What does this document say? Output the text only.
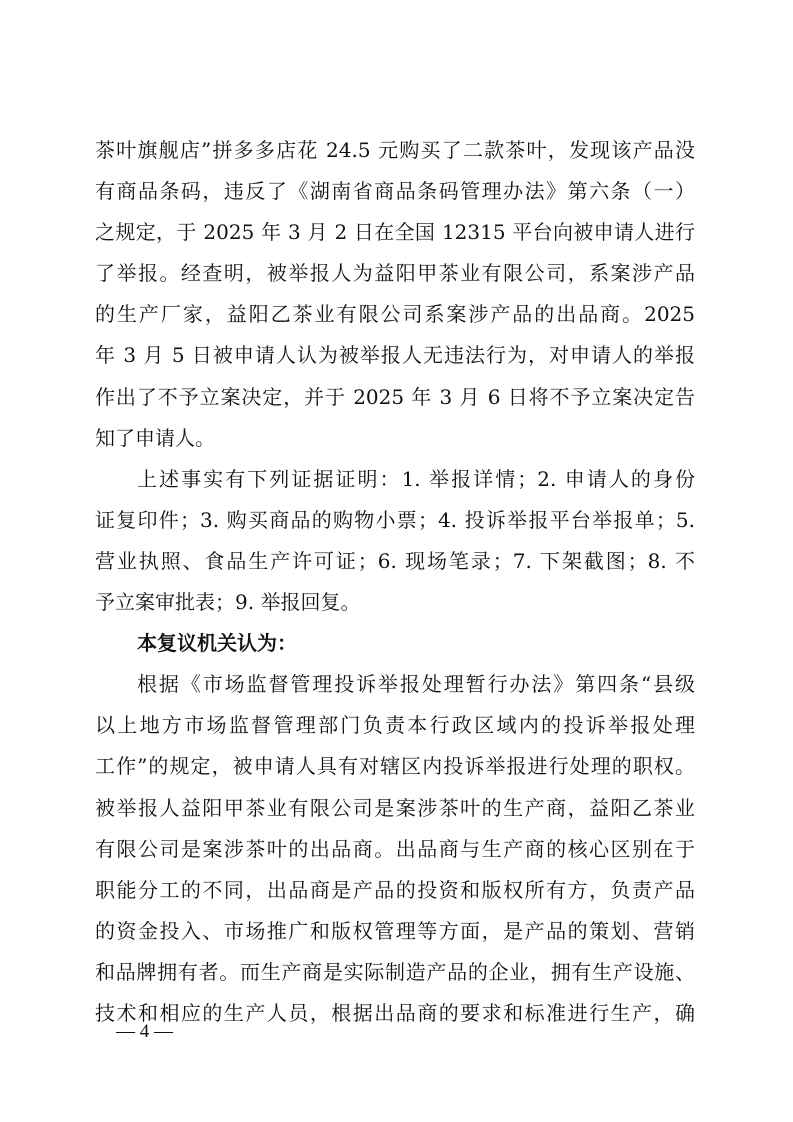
茶叶旗舰店”拼多多店花 24.5 元购买了二款茶叶，发现该产品没
有商品条码，违反了《湖南省商品条码管理办法》第六条（一）
之规定，于 2025 年 3 月 2 日在全国 12315 平台向被申请人进行
了举报。经查明，被举报人为益阳甲茶业有限公司，系案涉产品
的生产厂家，益阳乙茶业有限公司系案涉产品的出品商。2025
年 3 月 5 日被申请人认为被举报人无违法行为，对申请人的举报
作出了不予立案决定，并于 2025 年 3 月 6 日将不予立案决定告
知了申请人。
上述事实有下列证据证明：1. 举报详情；2. 申请人的身份
证复印件；3. 购买商品的购物小票；4. 投诉举报平台举报单；5.
营业执照、食品生产许可证；6. 现场笔录；7. 下架截图；8. 不
予立案审批表；9. 举报回复。
本复议机关认为：
根据《市场监督管理投诉举报处理暂行办法》第四条“县级
以上地方市场监督管理部门负责本行政区域内的投诉举报处理
工作”的规定，被申请人具有对辖区内投诉举报进行处理的职权。
被举报人益阳甲茶业有限公司是案涉茶叶的生产商，益阳乙茶业
有限公司是案涉茶叶的出品商。出品商与生产商的核心区别在于
职能分工的不同，出品商是产品的投资和版权所有方，负责产品
的资金投入、市场推广和版权管理等方面，是产品的策划、营销
和品牌拥有者。而生产商是实际制造产品的企业，拥有生产设施、
技术和相应的生产人员，根据出品商的要求和标准进行生产，确
— 4 —
